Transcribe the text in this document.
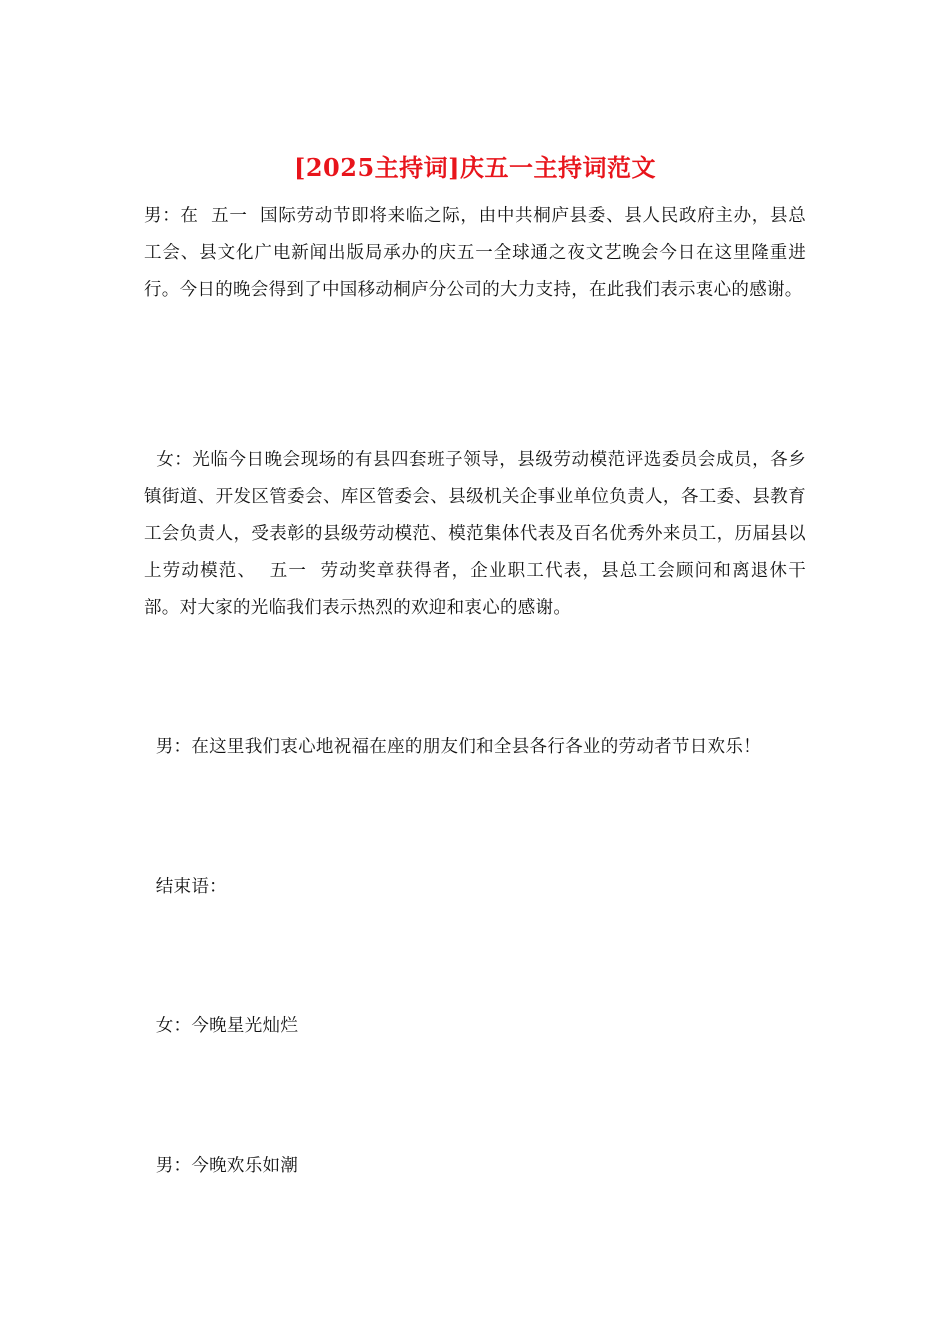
[2025主持词]庆五一主持词范文

男：在  五一  国际劳动节即将来临之际，由中共桐庐县委、县人民政府主办，县总工会、县文化广电新闻出版局承办的庆五一全球通之夜文艺晚会今日在这里隆重进行。今日的晚会得到了中国移动桐庐分公司的大力支持，在此我们表示衷心的感谢。

女：光临今日晚会现场的有县四套班子领导，县级劳动模范评选委员会成员，各乡镇街道、开发区管委会、库区管委会、县级机关企事业单位负责人，各工委、县教育工会负责人，受表彰的县级劳动模范、模范集体代表及百名优秀外来员工，历届县以上劳动模范、  五一  劳动奖章获得者，企业职工代表，县总工会顾问和离退休干部。对大家的光临我们表示热烈的欢迎和衷心的感谢。

男：在这里我们衷心地祝福在座的朋友们和全县各行各业的劳动者节日欢乐！

结束语：

女：今晚星光灿烂

男：今晚欢乐如潮
